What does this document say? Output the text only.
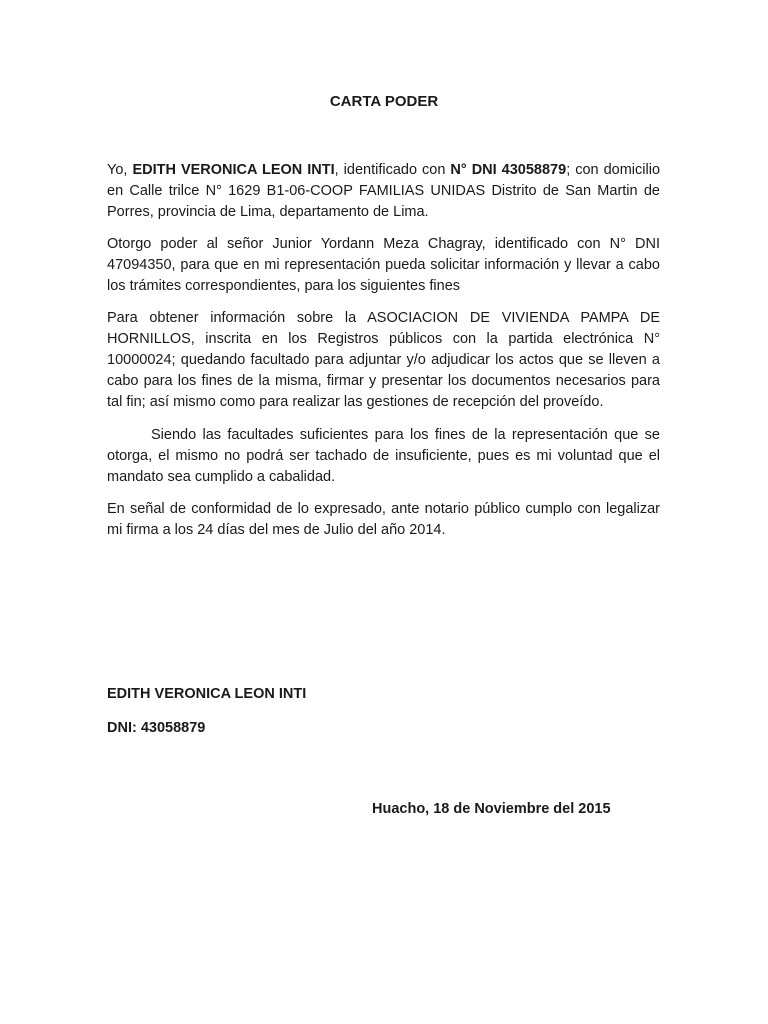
CARTA PODER

Yo, EDITH VERONICA LEON INTI, identificado con N° DNI 43058879; con domicilio en Calle trilce N° 1629 B1-06-COOP FAMILIAS UNIDAS Distrito de San Martin de Porres, provincia de Lima, departamento de Lima.

Otorgo poder al señor Junior Yordann Meza Chagray, identificado con N° DNI 47094350, para que en mi representación pueda solicitar información y llevar a cabo los trámites correspondientes, para los siguientes fines

Para obtener información sobre la ASOCIACION DE VIVIENDA PAMPA DE HORNILLOS, inscrita en los Registros públicos con la partida electrónica N° 10000024; quedando facultado para adjuntar y/o adjudicar los actos que se lleven a cabo para los fines de la misma, firmar y presentar los documentos necesarios para tal fin; así mismo como para realizar las gestiones de recepción del proveído.

Siendo las facultades suficientes para los fines de la representación que se otorga, el mismo no podrá ser tachado de insuficiente, pues es mi voluntad que el mandato sea cumplido a cabalidad.

En señal de conformidad de lo expresado, ante notario público cumplo con legalizar mi firma a los 24 días del mes de Julio del año 2014.

EDITH VERONICA LEON INTI
DNI: 43058879
Huacho, 18 de Noviembre del 2015
